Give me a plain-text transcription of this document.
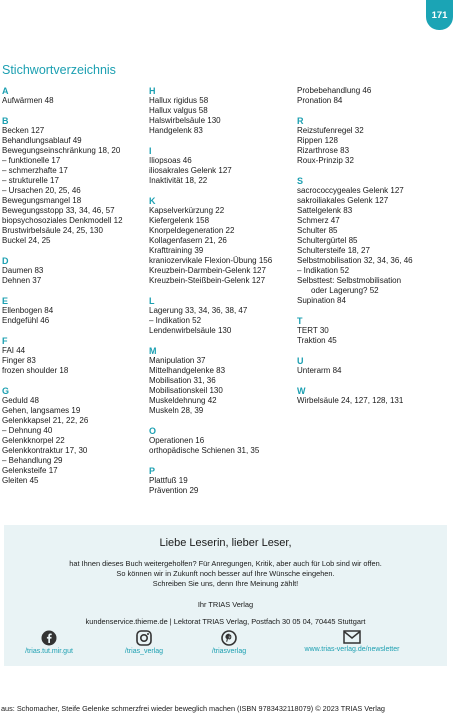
171
Stichwortverzeichnis
A
Aufwärmen 48
B
Becken 127
Behandlungsablauf 49
Bewegungseinschränkung 18, 20
– funktionelle 17
– schmerzhafte 17
– strukturelle 17
– Ursachen 20, 25, 46
Bewegungsmangel 18
Bewegungsstopp 33, 34, 46, 57
biopsychosoziales Denkmodell 12
Brustwirbelsäule 24, 25, 130
Buckel 24, 25
D
Daumen 83
Dehnen 37
E
Ellenbogen 84
Endgefühl 46
F
FAI 44
Finger 83
frozen shoulder 18
G
Geduld 48
Gehen, langsames 19
Gelenkkapsel 21, 22, 26
– Dehnung 40
Gelenkknorpel 22
Gelenkkontraktur 17, 30
– Behandlung 29
Gelenksteife 17
Gleiten 45
H
Hallux rigidus 58
Hallux valgus 58
Halswirbelsäule 130
Handgelenk 83
I
Iliopsoas 46
iliosakrales Gelenk 127
Inaktivität 18, 22
K
Kapselverkürzung 22
Kiefergelenk 158
Knorpeldegeneration 22
Kollagenfasern 21, 26
Krafttraining 39
kraniozervikale Flexion-Übung 156
Kreuzbein-Darmbein-Gelenk 127
Kreuzbein-Steißbein-Gelenk 127
L
Lagerung 33, 34, 36, 38, 47
– Indikation 52
Lendenwirbelsäule 130
M
Manipulation 37
Mittelhandgelenke 83
Mobilisation 31, 36
Mobilisationskeil 130
Muskeldehnung 42
Muskeln 28, 39
O
Operationen 16
orthopädische Schienen 31, 35
P
Plattfuß 19
Prävention 29
Probebehandlung 46
Pronation 84
R
Reizstufenregel 32
Rippen 128
Rizarthrose 83
Roux-Prinzip 32
S
sacrococcygeales Gelenk 127
sakroiliakales Gelenk 127
Sattelgelenk 83
Schmerz 47
Schulter 85
Schultergürtel 85
Schultersteife 18, 27
Selbstmobilisation 32, 34, 36, 46
– Indikation 52
Selbsttest: Selbstmobilisation
oder Lagerung? 52
Supination 84
T
TERT 30
Traktion 45
U
Unterarm 84
W
Wirbelsäule 24, 127, 128, 131
Liebe Leserin, lieber Leser,
hat Ihnen dieses Buch weitergeholfen? Für Anregungen, Kritik, aber auch für Lob sind wir offen.
So können wir in Zukunft noch besser auf Ihre Wünsche eingehen.
Schreiben Sie uns, denn Ihre Meinung zählt!
Ihr TRIAS Verlag
kundenservice.thieme.de | Lektorat TRIAS Verlag, Postfach 30 05 04, 70445 Stuttgart
/trias.tut.mir.gut	/trias_verlag	/triasverlag	www.trias-verlag.de/newsletter
aus: Schomacher, Steife Gelenke schmerzfrei wieder beweglich machen (ISBN 9783432118079) © 2023 TRIAS Verlag
